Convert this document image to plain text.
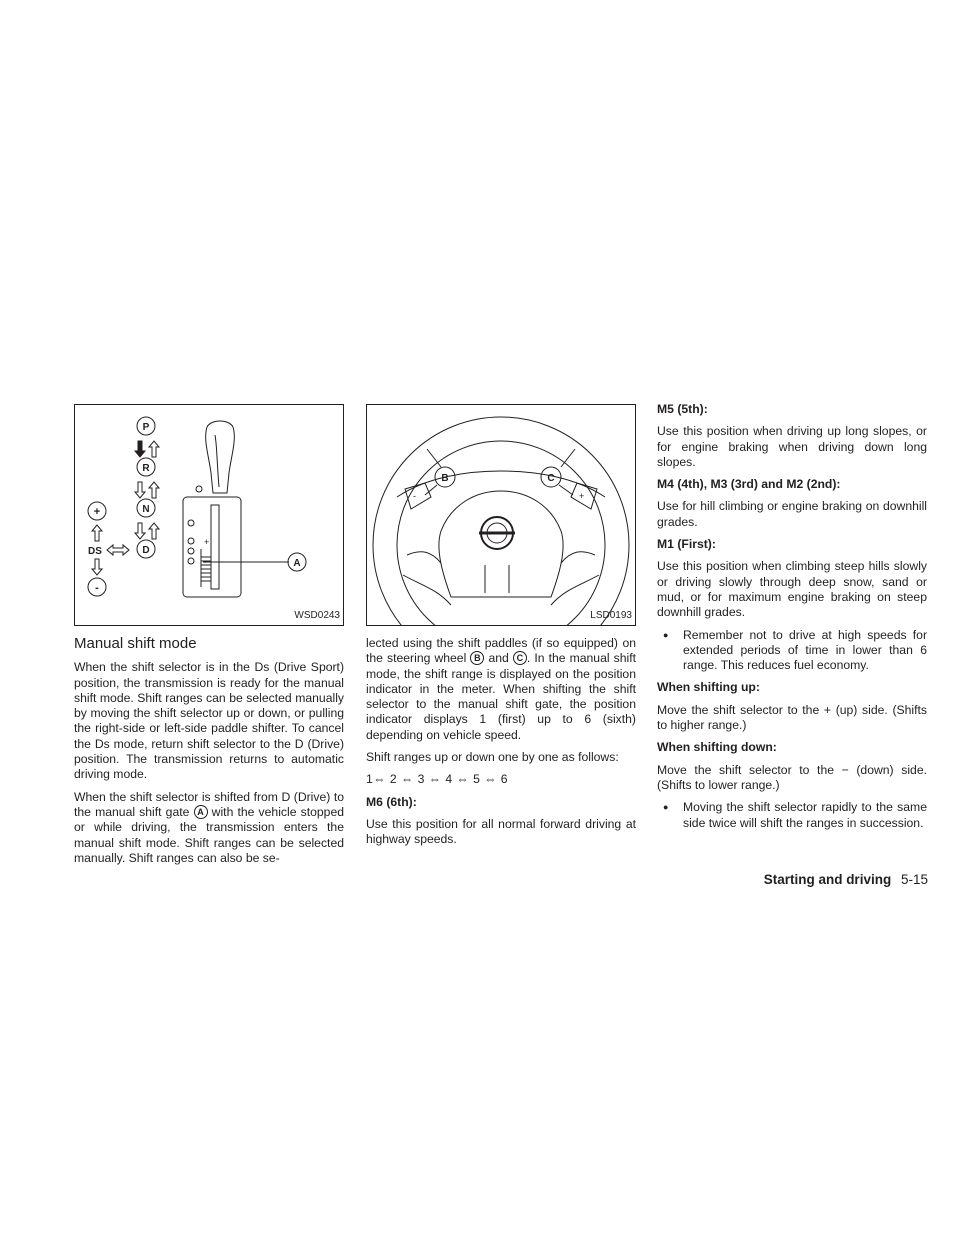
P
R
N
D
+
DS
-
+
-	A
WSD0243
Manual shift mode

When the shift selector is in the Ds (Drive Sport) position, the transmission is ready for the manual shift mode. Shift ranges can be selected manually by moving the shift selector up or down, or pulling the right-side or left-side paddle shifter. To cancel the Ds mode, return shift selector to the D (Drive) position. The transmission returns to automatic driving mode.

When the shift selector is shifted from D (Drive) to the manual shift gate A with the vehicle stopped or while driving, the transmission enters the manual shift mode. Shift ranges can be selected manually. Shift ranges can also be se-

-	+
B	C
LSD0193

lected using the shift paddles (if so equipped) on the steering wheel B and C . In the manual shift mode, the shift range is displayed on the position indicator in the meter. When shifting the shift selector to the manual shift gate, the position indicator displays 1 (first) up to 6 (sixth) depending on vehicle speed.

Shift ranges up or down one by one as follows:

1⇔ 2 ⇔ 3 ⇔ 4 ⇔ 5 ⇔ 6
M6 (6th):

Use this position for all normal forward driving at highway speeds.

M5 (5th):

Use this position when driving up long slopes, or for engine braking when driving down long slopes.

M4 (4th), M3 (3rd) and M2 (2nd):

Use for hill climbing or engine braking on downhill grades.

M1 (First):

Use this position when climbing steep hills slowly or driving slowly through deep snow, sand or mud, or for maximum engine braking on steep downhill grades.

● Remember not to drive at high speeds for extended periods of time in lower than 6 range. This reduces fuel economy.
When shifting up:

Move the shift selector to the + (up) side. (Shifts to higher range.)

When shifting down:

Move the shift selector to the − (down) side. (Shifts to lower range.)

● Moving the shift selector rapidly to the same side twice will shift the ranges in succession.
Starting and driving 5-15
